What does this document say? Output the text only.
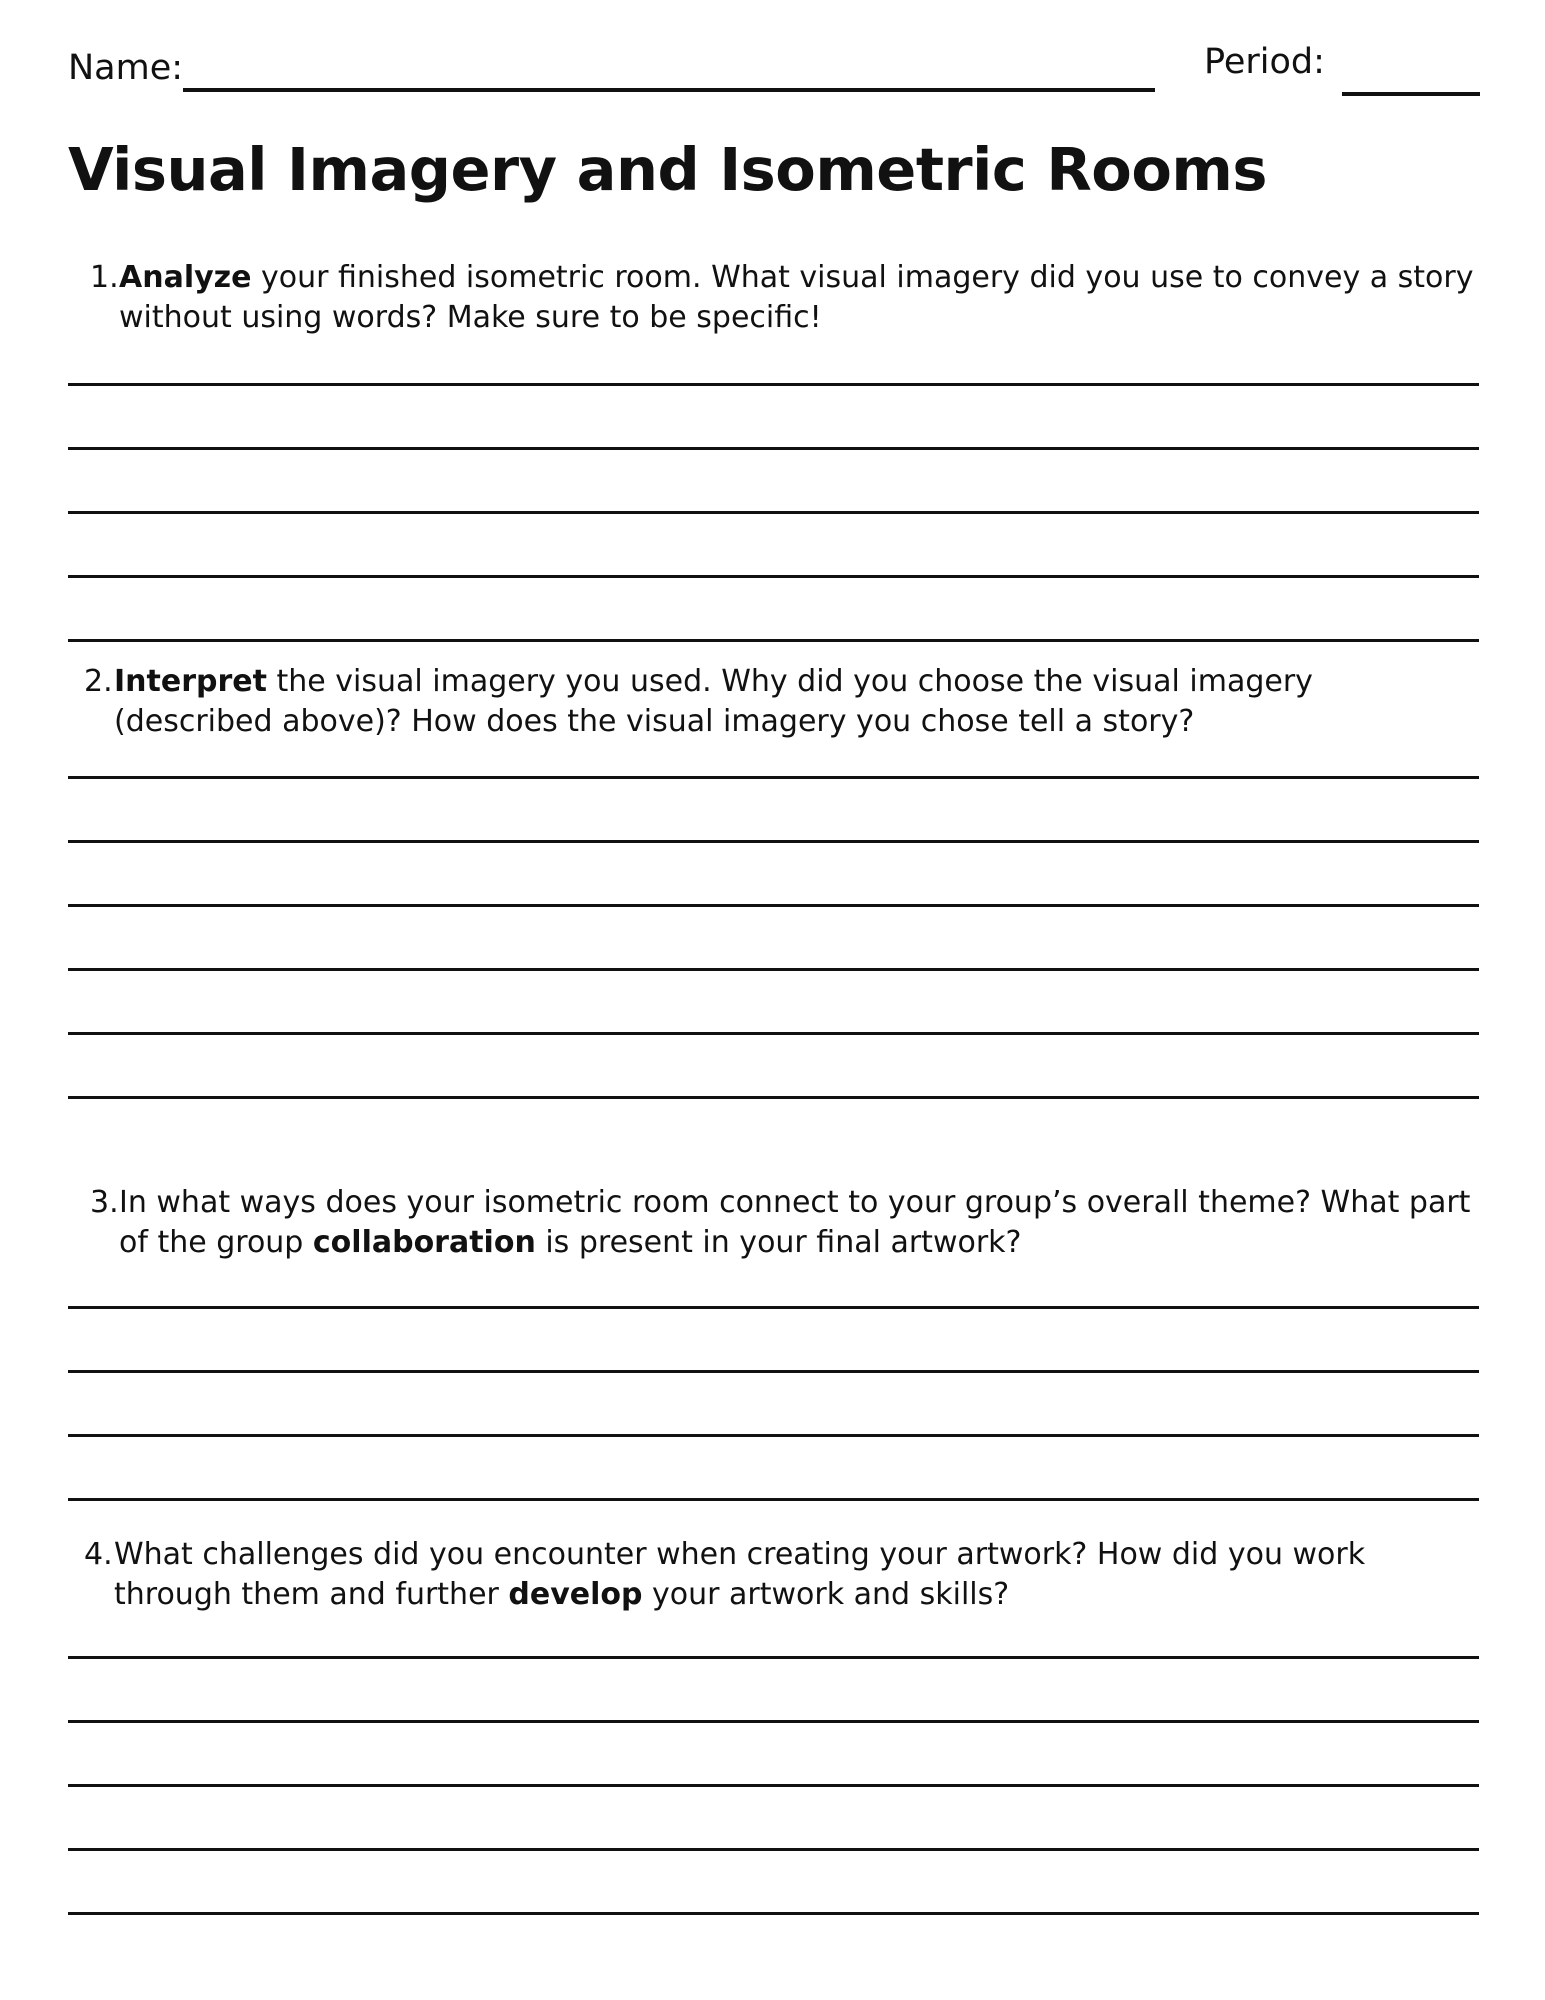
Name:	Period:
Visual Imagery and Isometric Rooms
1. Analyze your finished isometric room. What visual imagery did you use to convey a story without using words? Make sure to be specific!
2. Interpret the visual imagery you used. Why did you choose the visual imagery (described above)? How does the visual imagery you chose tell a story?
3. In what ways does your isometric room connect to your group’s overall theme? What part of the group collaboration is present in your final artwork?
4. What challenges did you encounter when creating your artwork? How did you work through them and further develop your artwork and skills?
